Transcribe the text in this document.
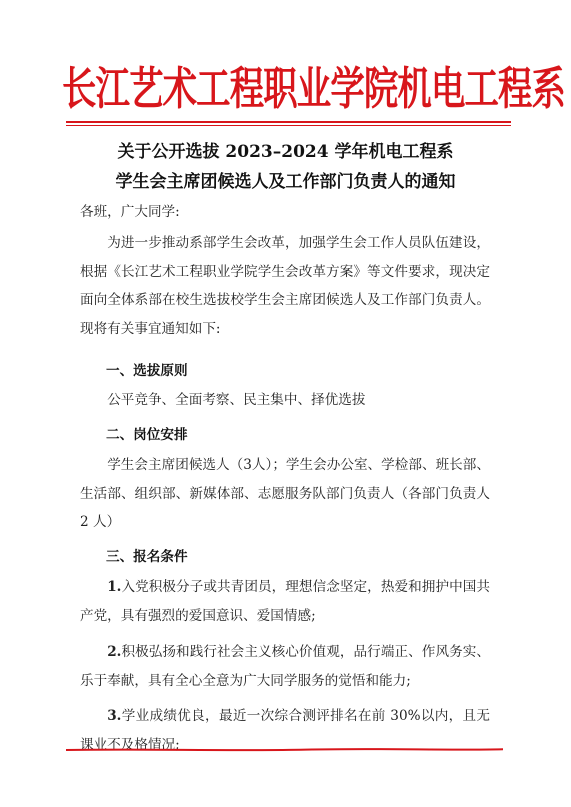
长江艺术工程职业学院机电工程系
关于公开选拔 2023–2024 学年机电工程系
学生会主席团候选人及工作部门负责人的通知
各班，广大同学:
为进一步推动系部学生会改革，加强学生会工作人员队伍建设，根据《长江艺术工程职业学院学生会改革方案》等文件要求，现决定面向全体系部在校生选拔校学生会主席团候选人及工作部门负责人。现将有关事宜通知如下:
一、选拔原则
公平竞争、全面考察、民主集中、择优选拔
二、岗位安排
学生会主席团候选人（3人）；学生会办公室、学检部、班长部、生活部、组织部、新媒体部、志愿服务队部门负责人（各部门负责人 2 人）
三、报名条件
1.入党积极分子或共青团员，理想信念坚定，热爱和拥护中国共产党，具有强烈的爱国意识、爱国情感;
2.积极弘扬和践行社会主义核心价值观，品行端正、作风务实、乐于奉献，具有全心全意为广大同学服务的觉悟和能力;
3.学业成绩优良，最近一次综合测评排名在前 30%以内，且无课业不及格情况;
